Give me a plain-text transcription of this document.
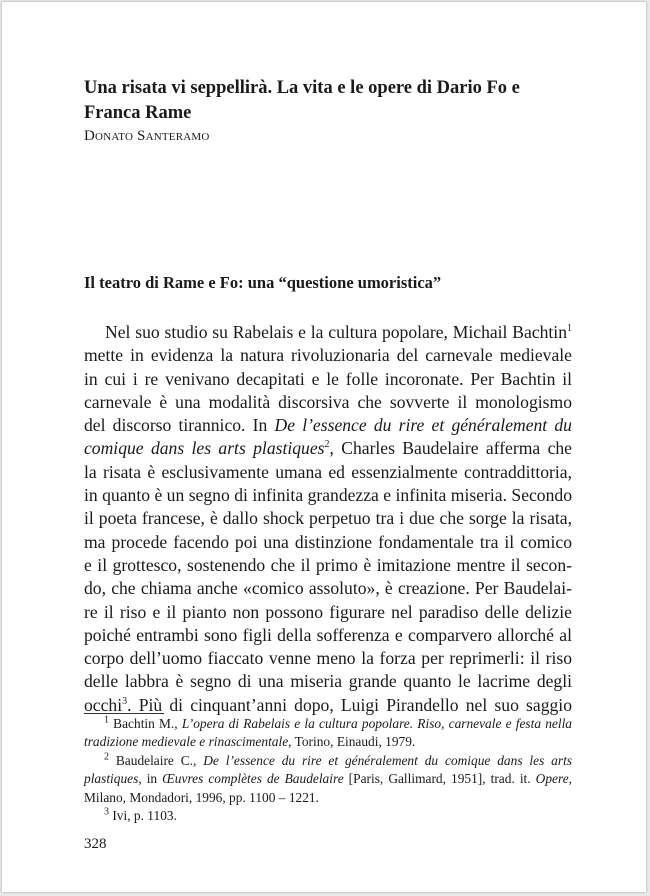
Una risata vi seppellirà. La vita e le opere di Dario Fo e
Franca Rame
Donato Santeramo
Il teatro di Rame e Fo: una “questione umoristica”
Nel suo studio su Rabelais e la cultura popolare, Michail Bachtin$^1$
mette in evidenza la natura rivoluzionaria del carnevale medievale
in cui i re venivano decapitati e le folle incoronate. Per Bachtin il
carnevale è una modalità discorsiva che sovverte il monologismo
del discorso tirannico. In De l’essence du rire et généralement du
comique dans les arts plastiques$^2$, Charles Baudelaire afferma che
la risata è esclusivamente umana ed essenzialmente contraddittoria,
in quanto è un segno di infinita grandezza e infinita miseria. Secondo
il poeta francese, è dallo shock perpetuo tra i due che sorge la risata,
ma procede facendo poi una distinzione fondamentale tra il comico
e il grottesco, sostenendo che il primo è imitazione mentre il secon-
do, che chiama anche «comico assoluto», è creazione. Per Baudelai-
re il riso e il pianto non possono figurare nel paradiso delle delizie
poiché entrambi sono figli della sofferenza e comparvero allorché al
corpo dell’uomo fiaccato venne meno la forza per reprimerli: il riso
delle labbra è segno di una miseria grande quanto le lacrime degli
occhi$^3$. Più di cinquant’anni dopo, Luigi Pirandello nel suo saggio
$^1$ Bachtin M., L’opera di Rabelais e la cultura popolare. Riso, carnevale e festa nella
tradizione medievale e rinascimentale, Torino, Einaudi, 1979.
$^2$ Baudelaire C., De l’essence du rire et généralement du comique dans les arts
plastiques, in Œuvres complètes de Baudelaire [Paris, Gallimard, 1951], trad. it. Opere,
Milano, Mondadori, 1996, pp. 1100 – 1221.
$^3$ Ivi, p. 1103.
328
